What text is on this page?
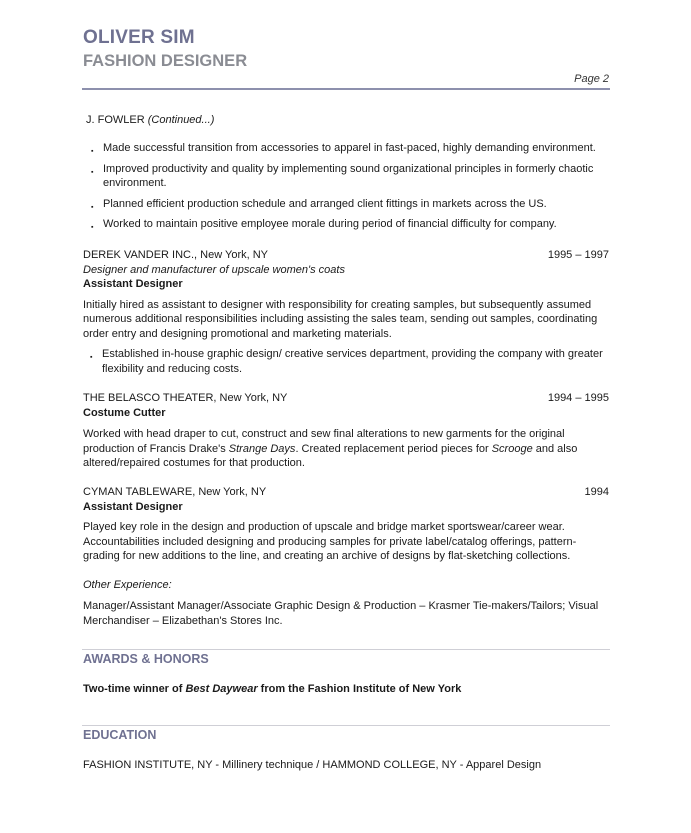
OLIVER SIM
FASHION DESIGNER
Page 2
J. FOWLER (Continued...)
▪ Made successful transition from accessories to apparel in fast-paced, highly demanding environment.
▪ Improved productivity and quality by implementing sound organizational principles in formerly chaotic environment.
▪ Planned efficient production schedule and arranged client fittings in markets across the US.
▪ Worked to maintain positive employee morale during period of financial difficulty for company.
DEREK VANDER INC., New York, NY	1995 – 1997
Designer and manufacturer of upscale women's coats
Assistant Designer
Initially hired as assistant to designer with responsibility for creating samples, but subsequently assumed numerous additional responsibilities including assisting the sales team, sending out samples, coordinating order entry and designing promotional and marketing materials.
▪ Established in-house graphic design/ creative services department, providing the company with greater flexibility and reducing costs.
THE BELASCO THEATER, New York, NY	1994 – 1995
Costume Cutter
Worked with head draper to cut, construct and sew final alterations to new garments for the original production of Francis Drake's Strange Days. Created replacement period pieces for Scrooge and also altered/repaired costumes for that production.
CYMAN TABLEWARE, New York, NY	1994
Assistant Designer
Played key role in the design and production of upscale and bridge market sportswear/career wear. Accountabilities included designing and producing samples for private label/catalog offerings, pattern-grading for new additions to the line, and creating an archive of designs by flat-sketching collections.
Other Experience:
Manager/Assistant Manager/Associate Graphic Design & Production – Krasmer Tie-makers/Tailors; Visual Merchandiser – Elizabethan's Stores Inc.
AWARDS & HONORS
Two-time winner of Best Daywear from the Fashion Institute of New York
EDUCATION
FASHION INSTITUTE, NY - Millinery technique / HAMMOND COLLEGE, NY - Apparel Design
